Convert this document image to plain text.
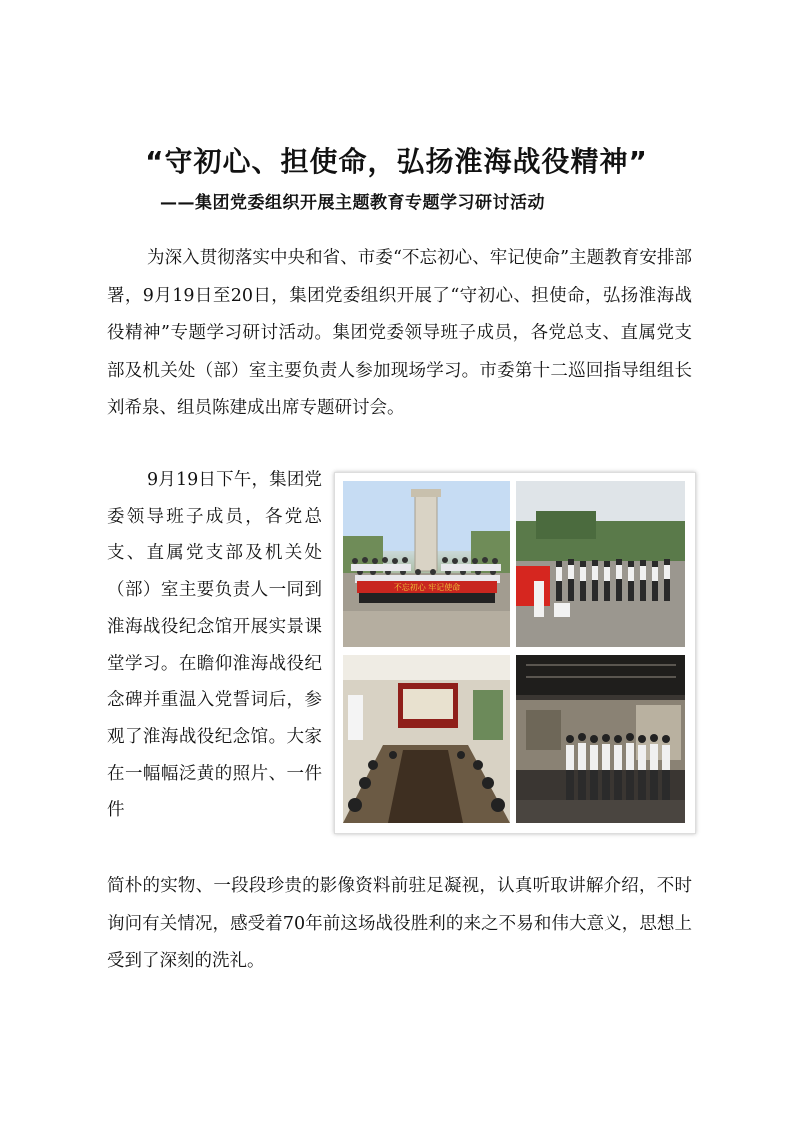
“守初心、担使命，弘扬淮海战役精神”
——集团党委组织开展主题教育专题学习研讨活动

为深入贯彻落实中央和省、市委“不忘初心、牢记使命”主题教育安排部署，9月19日至20日，集团党委组织开展了“守初心、担使命，弘扬淮海战役精神”专题学习研讨活动。集团党委领导班子成员，各党总支、直属党支部及机关处（部）室主要负责人参加现场学习。市委第十二巡回指导组组长刘希泉、组员陈建成出席专题研讨会。

9月19日下午，集团党委领导班子成员，各党总支、直属党支部及机关处（部）室主要负责人一同到淮海战役纪念馆开展实景课堂学习。在瞻仰淮海战役纪念碑并重温入党誓词后，参观了淮海战役纪念馆。大家在一幅幅泛黄的照片、一件件

不忘初心 牢记使命

简朴的实物、一段段珍贵的影像资料前驻足凝视，认真听取讲解介绍，不时询问有关情况，感受着70年前这场战役胜利的来之不易和伟大意义，思想上受到了深刻的洗礼。
